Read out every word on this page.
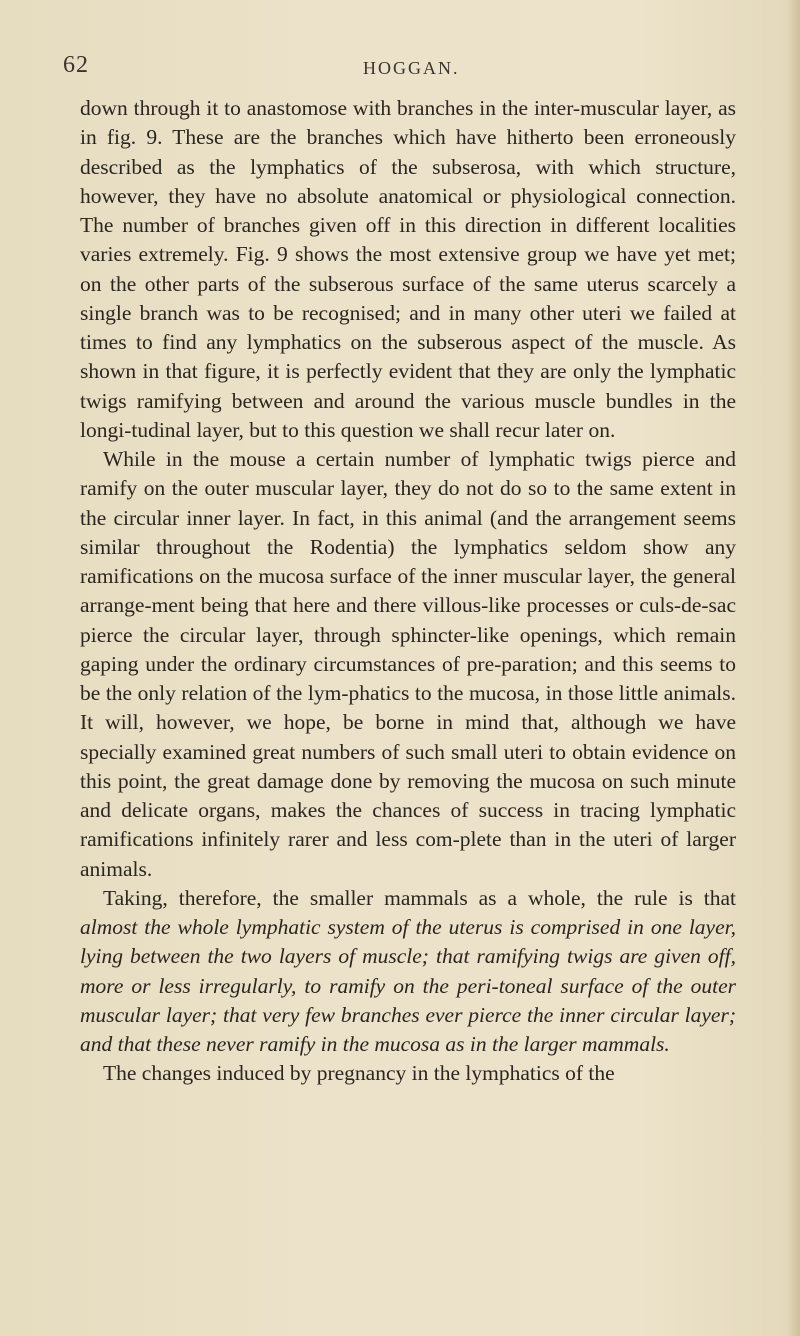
62	HOGGAN.

down through it to anastomose with branches in the inter-muscular layer, as in fig. 9. These are the branches which have hitherto been erroneously described as the lymphatics of the subserosa, with which structure, however, they have no absolute anatomical or physiological connection. The number of branches given off in this direction in different localities varies extremely. Fig. 9 shows the most extensive group we have yet met; on the other parts of the subserous surface of the same uterus scarcely a single branch was to be recognised; and in many other uteri we failed at times to find any lymphatics on the subserous aspect of the muscle. As shown in that figure, it is perfectly evident that they are only the lymphatic twigs ramifying between and around the various muscle bundles in the longi-tudinal layer, but to this question we shall recur later on.

While in the mouse a certain number of lymphatic twigs pierce and ramify on the outer muscular layer, they do not do so to the same extent in the circular inner layer. In fact, in this animal (and the arrangement seems similar throughout the Rodentia) the lymphatics seldom show any ramifications on the mucosa surface of the inner muscular layer, the general arrange-ment being that here and there villous-like processes or culs-de-sac pierce the circular layer, through sphincter-like openings, which remain gaping under the ordinary circumstances of pre-paration; and this seems to be the only relation of the lym-phatics to the mucosa, in those little animals. It will, however, we hope, be borne in mind that, although we have specially examined great numbers of such small uteri to obtain evidence on this point, the great damage done by removing the mucosa on such minute and delicate organs, makes the chances of success in tracing lymphatic ramifications infinitely rarer and less com-plete than in the uteri of larger animals.

Taking, therefore, the smaller mammals as a whole, the rule is that almost the whole lymphatic system of the uterus is comprised in one layer, lying between the two layers of muscle; that ramifying twigs are given off, more or less irregularly, to ramify on the peri-toneal surface of the outer muscular layer; that very few branches ever pierce the inner circular layer; and that these never ramify in the mucosa as in the larger mammals.

The changes induced by pregnancy in the lymphatics of the
